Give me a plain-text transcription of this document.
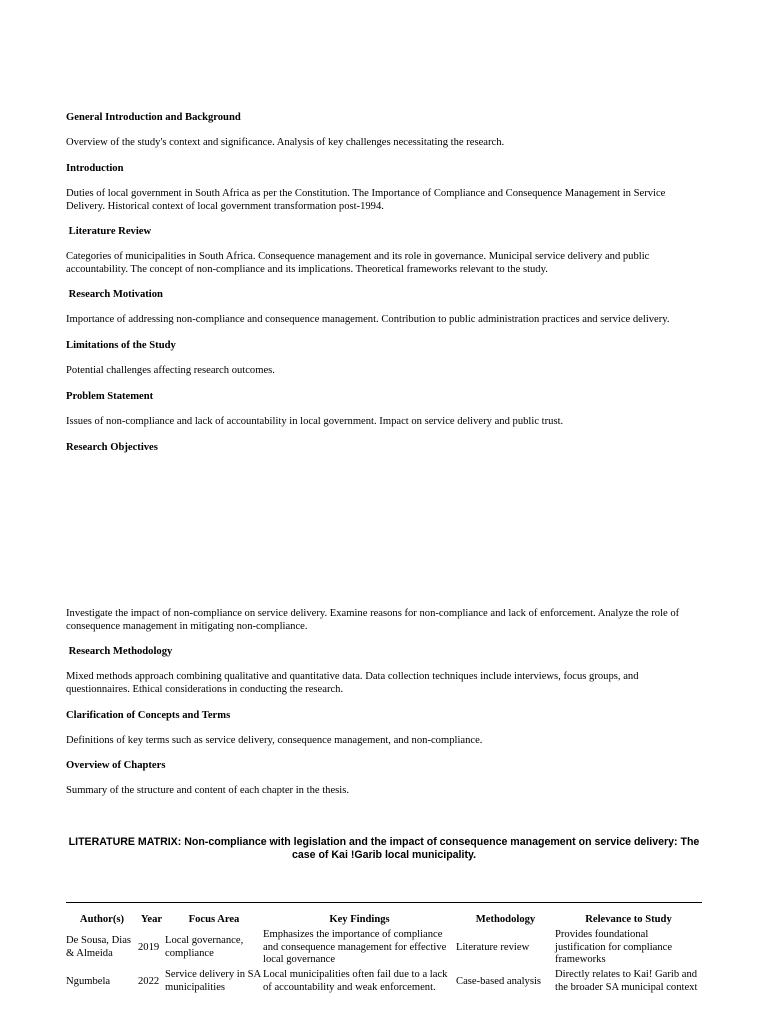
General Introduction and Background
Overview of the study's context and significance. Analysis of key challenges necessitating the research.
Introduction
Duties of local government in South Africa as per the Constitution. The Importance of Compliance and Consequence Management in Service Delivery. Historical context of local government transformation post-1994.
Literature Review
Categories of municipalities in South Africa. Consequence management and its role in governance. Municipal service delivery and public accountability. The concept of non-compliance and its implications. Theoretical frameworks relevant to the study.
Research Motivation
Importance of addressing non-compliance and consequence management. Contribution to public administration practices and service delivery.
Limitations of the Study
Potential challenges affecting research outcomes.
Problem Statement
Issues of non-compliance and lack of accountability in local government. Impact on service delivery and public trust.
Research Objectives
Investigate the impact of non-compliance on service delivery. Examine reasons for non-compliance and lack of enforcement. Analyze the role of consequence management in mitigating non-compliance.
Research Methodology
Mixed methods approach combining qualitative and quantitative data. Data collection techniques include interviews, focus groups, and questionnaires. Ethical considerations in conducting the research.
Clarification of Concepts and Terms
Definitions of key terms such as service delivery, consequence management, and non-compliance.
Overview of Chapters
Summary of the structure and content of each chapter in the thesis.
LITERATURE MATRIX: Non-compliance with legislation and the impact of consequence management on service delivery: The case of Kai !Garib local municipality.
Author(s)	Year	Focus Area	Key Findings	Methodology	Relevance to Study
De Sousa, Dias & Almeida	2019	Local governance, compliance	Emphasizes the importance of compliance and consequence management for effective local governance	Literature review	Provides foundational justification for compliance frameworks
Ngumbela	2022	Service delivery in SA municipalities	Local municipalities often fail due to a lack of accountability and weak enforcement.	Case-based analysis	Directly relates to Kai! Garib and the broader SA municipal context
